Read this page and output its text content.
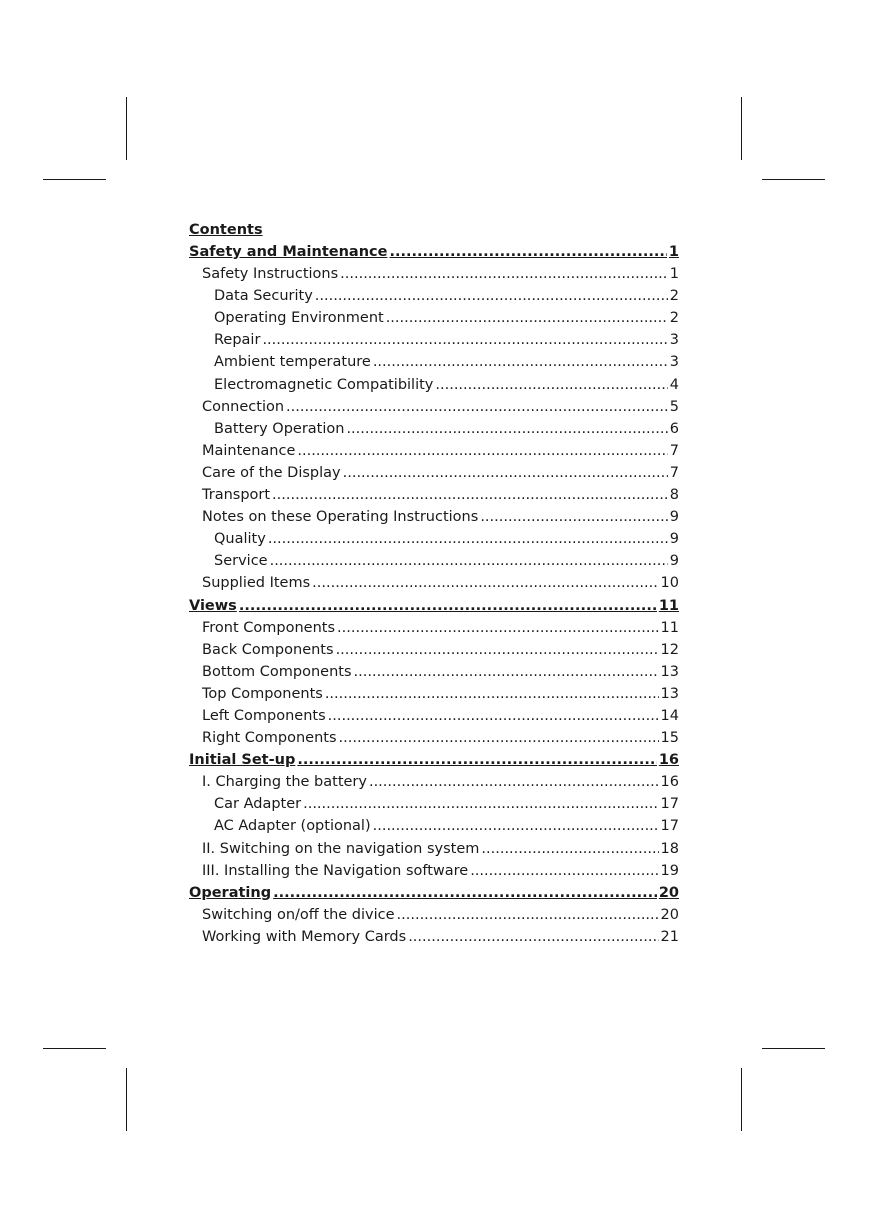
Contents
Safety and Maintenance .....	1
Safety Instructions .....	1
Data Security .....	2
Operating Environment .....	2
Repair .....	3
Ambient temperature .....	3
Electromagnetic Compatibility .....	4
Connection .....	5
Battery Operation .....	6
Maintenance .....	7
Care of the Display .....	7
Transport .....	8
Notes on these Operating Instructions .....	9
Quality .....	9
Service .....	9
Supplied Items .....	10
Views .....	11
Front Components .....	11
Back Components .....	12
Bottom Components .....	13
Top Components .....	13
Left Components .....	14
Right Components .....	15
Initial Set-up .....	16
I. Charging the battery .....	16
Car Adapter .....	17
AC Adapter (optional) .....	17
II. Switching on the navigation system .....	18
III. Installing the Navigation software .....	19
Operating .....	20
Switching on/off the divice .....	20
Working with Memory Cards .....	21
